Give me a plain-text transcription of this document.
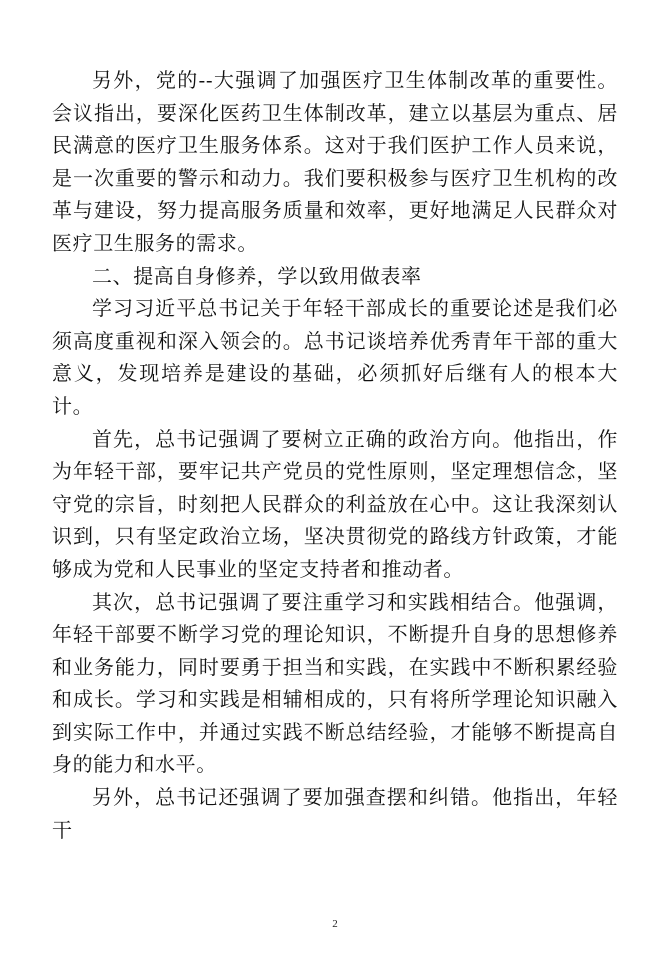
另外，党的--大强调了加强医疗卫生体制改革的重要性。会议指出，要深化医药卫生体制改革，建立以基层为重点、居民满意的医疗卫生服务体系。这对于我们医护工作人员来说，是一次重要的警示和动力。我们要积极参与医疗卫生机构的改革与建设，努力提高服务质量和效率，更好地满足人民群众对医疗卫生服务的需求。

二、提高自身修养，学以致用做表率

学习习近平总书记关于年轻干部成长的重要论述是我们必须高度重视和深入领会的。总书记谈培养优秀青年干部的重大意义，发现培养是建设的基础，必须抓好后继有人的根本大计。

首先，总书记强调了要树立正确的政治方向。他指出，作为年轻干部，要牢记共产党员的党性原则，坚定理想信念，坚守党的宗旨，时刻把人民群众的利益放在心中。这让我深刻认识到，只有坚定政治立场，坚决贯彻党的路线方针政策，才能够成为党和人民事业的坚定支持者和推动者。

其次，总书记强调了要注重学习和实践相结合。他强调，年轻干部要不断学习党的理论知识，不断提升自身的思想修养和业务能力，同时要勇于担当和实践，在实践中不断积累经验和成长。学习和实践是相辅相成的，只有将所学理论知识融入到实际工作中，并通过实践不断总结经验，才能够不断提高自身的能力和水平。

另外，总书记还强调了要加强查摆和纠错。他指出，年轻干

2
